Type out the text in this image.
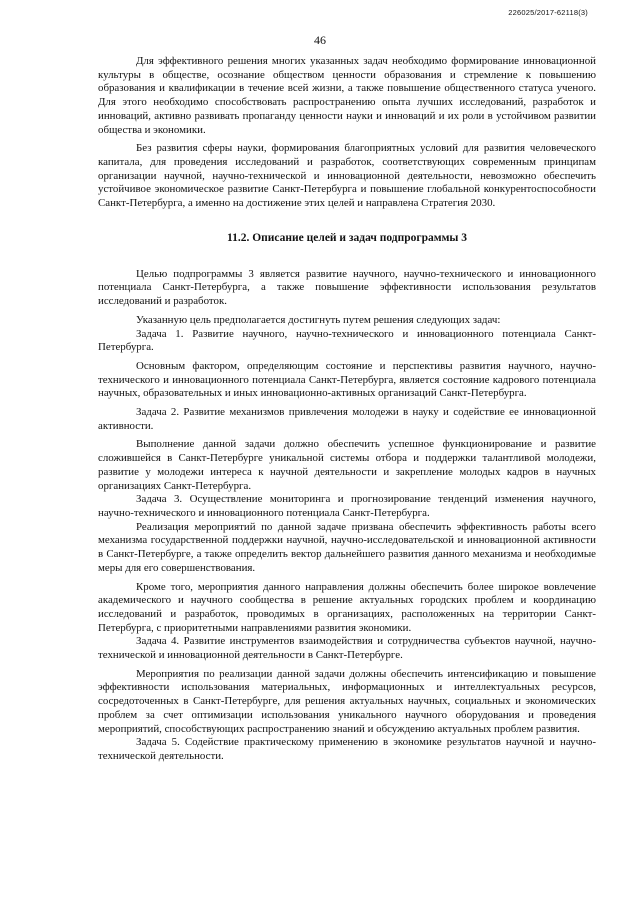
226025/2017-62118(3)
46

Для эффективного решения многих указанных задач необходимо формирование инновационной культуры в обществе, осознание обществом ценности образования и стремление к повышению образования и квалификации в течение всей жизни, а также повышение общественного статуса ученого. Для этого необходимо способствовать распространению опыта лучших исследований, разработок и инноваций, активно развивать пропаганду ценности науки и инноваций и их роли в устойчивом развитии общества и экономики.

Без развития сферы науки, формирования благоприятных условий для развития человеческого капитала, для проведения исследований и разработок, соответствующих современным принципам организации научной, научно-технической и инновационной деятельности, невозможно обеспечить устойчивое экономическое развитие Санкт-Петербурга и повышение глобальной конкурентоспособности Санкт-Петербурга, а именно на достижение этих целей и направлена Стратегия 2030.

11.2. Описание целей и задач подпрограммы 3

Целью подпрограммы 3 является развитие научного, научно-технического и инновационного потенциала Санкт-Петербурга, а также повышение эффективности использования результатов исследований и разработок.

Указанную цель предполагается достигнуть путем решения следующих задач:

Задача 1. Развитие научного, научно-технического и инновационного потенциала Санкт-Петербурга.

Основным фактором, определяющим состояние и перспективы развития научного, научно-технического и инновационного потенциала Санкт-Петербурга, является состояние кадрового потенциала научных, образовательных и иных инновационно-активных организаций Санкт-Петербурга.

Задача 2. Развитие механизмов привлечения молодежи в науку и содействие ее инновационной активности.

Выполнение данной задачи должно обеспечить успешное функционирование и развитие сложившейся в Санкт-Петербурге уникальной системы отбора и поддержки талантливой молодежи, развитие у молодежи интереса к научной деятельности и закрепление молодых кадров в научных организациях Санкт-Петербурга.

Задача 3. Осуществление мониторинга и прогнозирование тенденций изменения научного, научно-технического и инновационного потенциала Санкт-Петербурга.

Реализация мероприятий по данной задаче призвана обеспечить эффективность работы всего механизма государственной поддержки научной, научно-исследовательской и инновационной активности в Санкт-Петербурге, а также определить вектор дальнейшего развития данного механизма и необходимые меры для его совершенствования.

Кроме того, мероприятия данного направления должны обеспечить более широкое вовлечение академического и научного сообщества в решение актуальных городских проблем и координацию исследований и разработок, проводимых в организациях, расположенных на территории Санкт-Петербурга, с приоритетными направлениями развития экономики.

Задача 4. Развитие инструментов взаимодействия и сотрудничества субъектов научной, научно-технической и инновационной деятельности в Санкт-Петербурге.

Мероприятия по реализации данной задачи должны обеспечить интенсификацию и повышение эффективности использования материальных, информационных и интеллектуальных ресурсов, сосредоточенных в Санкт-Петербурге, для решения актуальных научных, социальных и экономических проблем за счет оптимизации использования уникального научного оборудования и проведения мероприятий, способствующих распространению знаний и обсуждению актуальных проблем развития.

Задача 5. Содействие практическому применению в экономике результатов научной и научно-технической деятельности.
